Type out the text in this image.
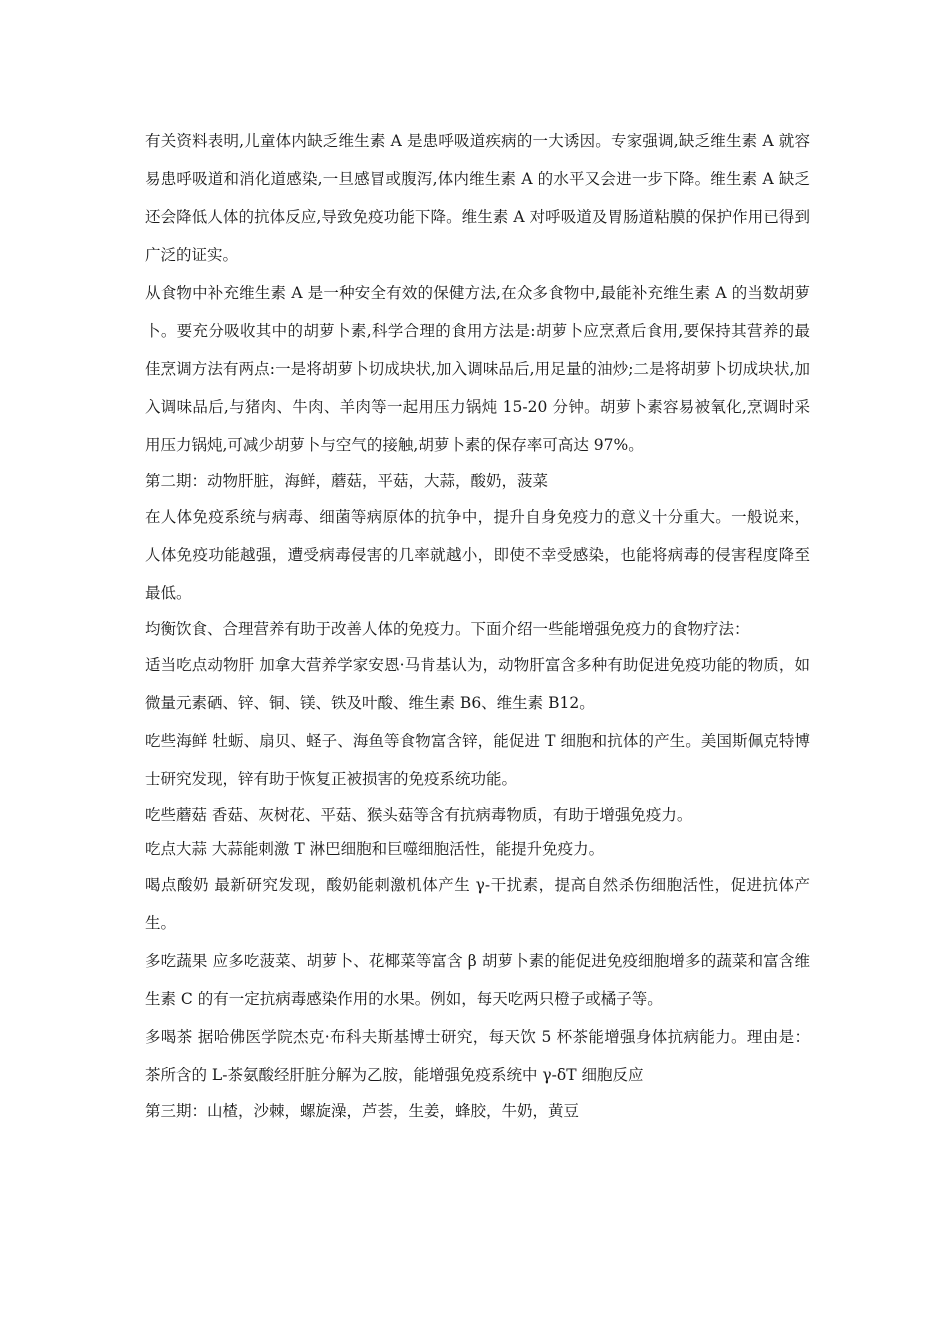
有关资料表明,儿童体内缺乏维生素 A 是患呼吸道疾病的一大诱因。专家强调,缺乏维生素 A 就容易患呼吸道和消化道感染,一旦感冒或腹泻,体内维生素 A 的水平又会进一步下降。维生素 A 缺乏还会降低人体的抗体反应,导致免疫功能下降。维生素 A 对呼吸道及胃肠道粘膜的保护作用已得到广泛的证实。

从食物中补充维生素 A 是一种安全有效的保健方法,在众多食物中,最能补充维生素 A 的当数胡萝卜。要充分吸收其中的胡萝卜素,科学合理的食用方法是:胡萝卜应烹煮后食用,要保持其营养的最佳烹调方法有两点:一是将胡萝卜切成块状,加入调味品后,用足量的油炒;二是将胡萝卜切成块状,加入调味品后,与猪肉、牛肉、羊肉等一起用压力锅炖 15-20 分钟。胡萝卜素容易被氧化,烹调时采用压力锅炖,可减少胡萝卜与空气的接触,胡萝卜素的保存率可高达 97%。

第二期：动物肝脏，海鲜，蘑菇，平菇，大蒜，酸奶，菠菜

在人体免疫系统与病毒、细菌等病原体的抗争中，提升自身免疫力的意义十分重大。一般说来，人体免疫功能越强，遭受病毒侵害的几率就越小，即使不幸受感染，也能将病毒的侵害程度降至最低。

均衡饮食、合理营养有助于改善人体的免疫力。下面介绍一些能增强免疫力的食物疗法：

适当吃点动物肝 加拿大营养学家安恩·马肯基认为，动物肝富含多种有助促进免疫功能的物质，如微量元素硒、锌、铜、镁、铁及叶酸、维生素 B6、维生素 B12。

吃些海鲜 牡蛎、扇贝、蛏子、海鱼等食物富含锌，能促进 T 细胞和抗体的产生。美国斯佩克特博士研究发现，锌有助于恢复正被损害的免疫系统功能。

吃些蘑菇 香菇、灰树花、平菇、猴头菇等含有抗病毒物质，有助于增强免疫力。

吃点大蒜 大蒜能刺激 T 淋巴细胞和巨噬细胞活性，能提升免疫力。

喝点酸奶 最新研究发现，酸奶能刺激机体产生 γ-干扰素，提高自然杀伤细胞活性，促进抗体产生。

多吃蔬果 应多吃菠菜、胡萝卜、花椰菜等富含 β 胡萝卜素的能促进免疫细胞增多的蔬菜和富含维生素 C 的有一定抗病毒感染作用的水果。例如，每天吃两只橙子或橘子等。

多喝茶 据哈佛医学院杰克·布科夫斯基博士研究，每天饮 5 杯茶能增强身体抗病能力。理由是：茶所含的 L-茶氨酸经肝脏分解为乙胺，能增强免疫系统中 γ-δT 细胞反应

第三期：山楂，沙棘，螺旋澡，芦荟，生姜，蜂胶，牛奶，黄豆
